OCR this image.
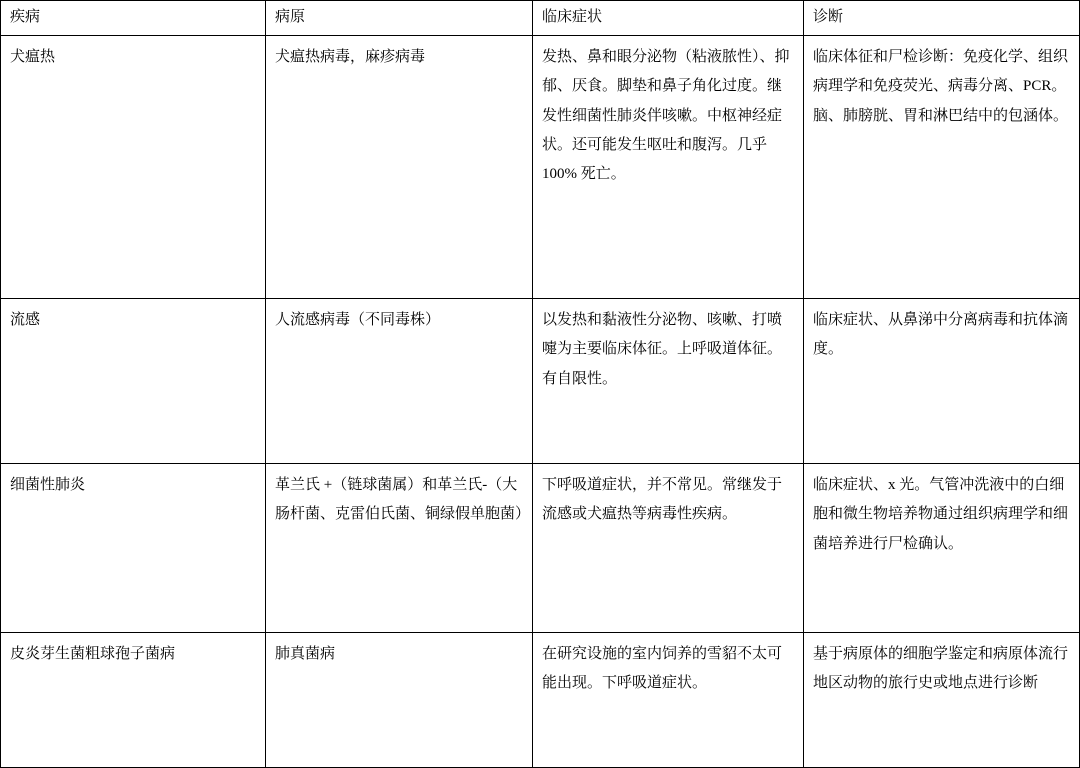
疾病	病原	临床症状	诊断

犬瘟热	犬瘟热病毒，麻疹病毒	发热、鼻和眼分泌物（粘液脓性）、抑郁、厌食。脚垫和鼻子角化过度。继发性细菌性肺炎伴咳嗽。中枢神经症状。还可能发生呕吐和腹泻。几乎 100% 死亡。	临床体征和尸检诊断：免疫化学、组织病理学和免疫荧光、病毒分离、PCR。脑、肺膀胱、胃和淋巴结中的包涵体。

流感	人流感病毒（不同毒株）	以发热和黏液性分泌物、咳嗽、打喷嚏为主要临床体征。上呼吸道体征。有自限性。	临床症状、从鼻涕中分离病毒和抗体滴度。

细菌性肺炎	革兰氏 +（链球菌属）和革兰氏-（大肠杆菌、克雷伯氏菌、铜绿假单胞菌）	下呼吸道症状，并不常见。常继发于流感或犬瘟热等病毒性疾病。	临床症状、x 光。气管冲洗液中的白细胞和微生物培养物通过组织病理学和细菌培养进行尸检确认。

皮炎芽生菌粗球孢子菌病	肺真菌病	在研究设施的室内饲养的雪貂不太可能出现。下呼吸道症状。	基于病原体的细胞学鉴定和病原体流行地区动物的旅行史或地点进行诊断
